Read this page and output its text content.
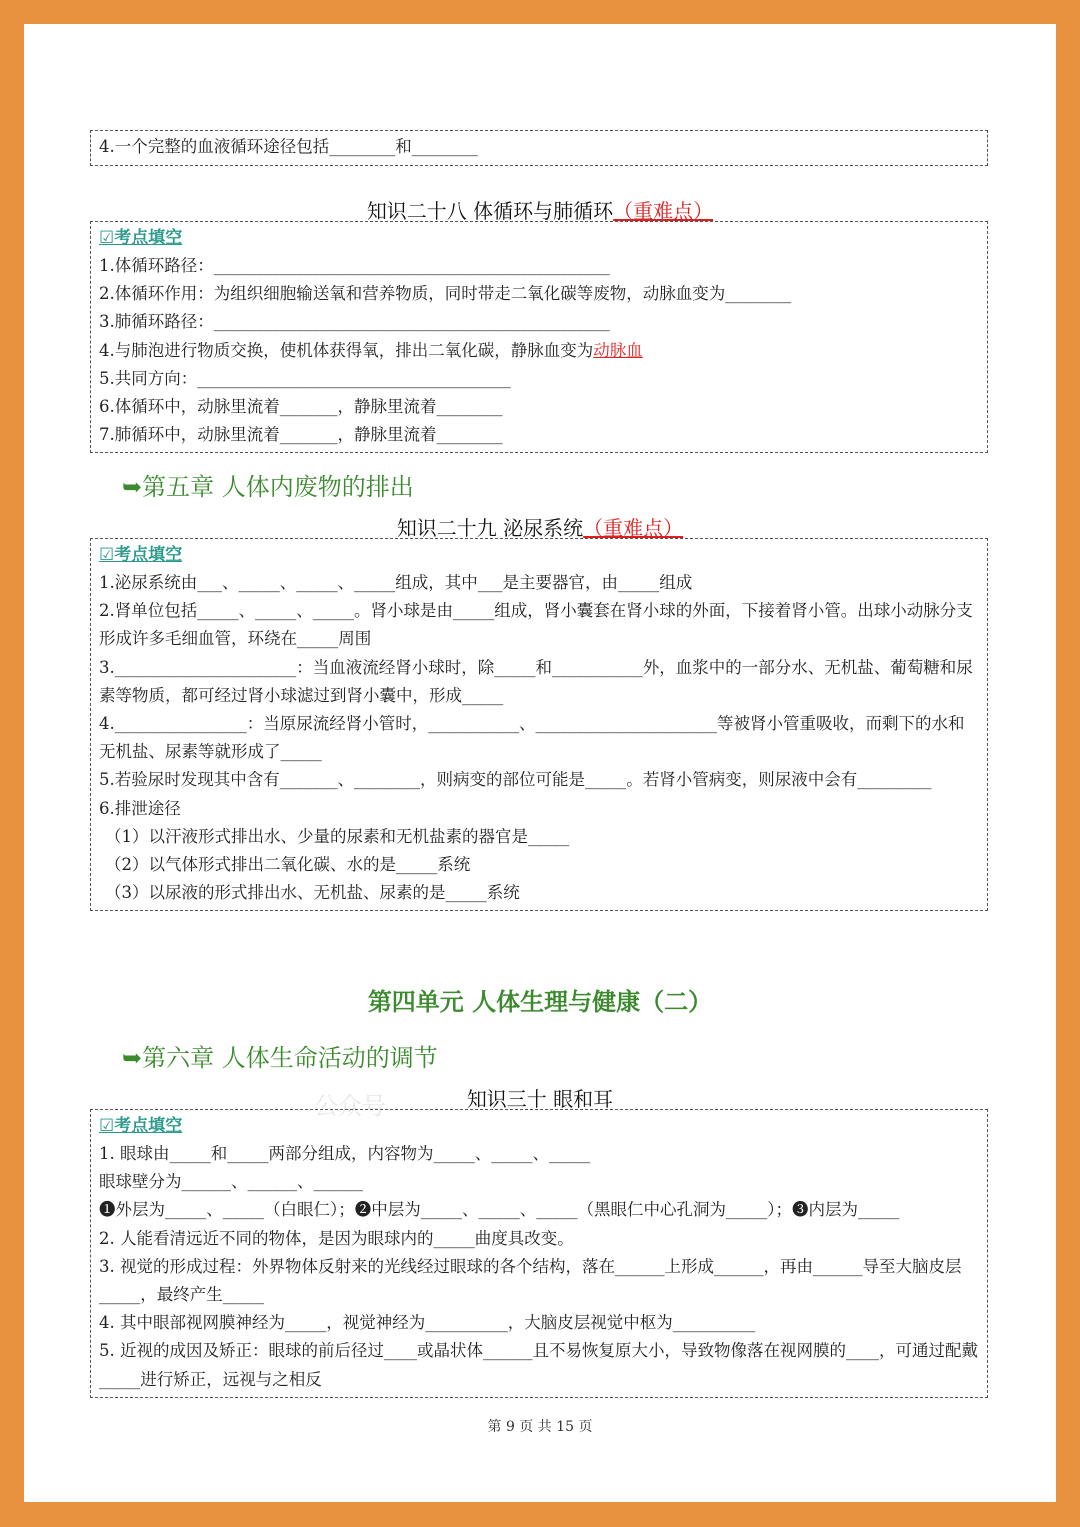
4.一个完整的血液循环途径包括________和________
知识二十八 体循环与肺循环（重难点）
☑考点填空
1.体循环路径：________________________________________________
2.体循环作用：为组织细胞输送氧和营养物质，同时带走二氧化碳等废物，动脉血变为________
3.肺循环路径：________________________________________________
4.与肺泡进行物质交换，使机体获得氧，排出二氧化碳，静脉血变为动脉血
5.共同方向：______________________________________
6.体循环中，动脉里流着_______，静脉里流着________
7.肺循环中，动脉里流着_______，静脉里流着________
➥第五章 人体内废物的排出
知识二十九 泌尿系统（重难点）
☑考点填空
1.泌尿系统由___、_____、_____、_____组成，其中___是主要器官，由_____组成
2.肾单位包括_____、_____、_____。肾小球是由_____组成，肾小囊套在肾小球的外面，下接着肾小管。出球小动脉分支形成许多毛细血管，环绕在_____周围
3.______________________：当血液流经肾小球时，除_____和___________外，血浆中的一部分水、无机盐、葡萄糖和尿素等物质，都可经过肾小球滤过到肾小囊中，形成_____
4.________________：当原尿流经肾小管时，___________、______________________等被肾小管重吸收，而剩下的水和无机盐、尿素等就形成了_____
5.若验尿时发现其中含有_______、________，则病变的部位可能是_____。若肾小管病变，则尿液中会有_________
6.排泄途径
（1）以汗液形式排出水、少量的尿素和无机盐素的器官是_____
（2）以气体形式排出二氧化碳、水的是_____系统
（3）以尿液的形式排出水、无机盐、尿素的是_____系统
第四单元 人体生理与健康（二）
➥第六章 人体生命活动的调节
公众号	知识三十 眼和耳
☑考点填空
1. 眼球由_____和_____两部分组成，内容物为_____、_____、_____
眼球壁分为______、______、______
❶外层为_____、_____（白眼仁）；❷中层为_____、_____、_____（黑眼仁中心孔洞为_____）；❸内层为_____
2. 人能看清远近不同的物体，是因为眼球内的_____曲度具改变。
3. 视觉的形成过程：外界物体反射来的光线经过眼球的各个结构，落在______上形成______，再由______导至大脑皮层_____，最终产生_____
4. 其中眼部视网膜神经为_____，视觉神经为__________，大脑皮层视觉中枢为__________
5. 近视的成因及矫正：眼球的前后径过____或晶状体______且不易恢复原大小，导致物像落在视网膜的____，可通过配戴_____进行矫正，远视与之相反
第 9 页 共 15 页
